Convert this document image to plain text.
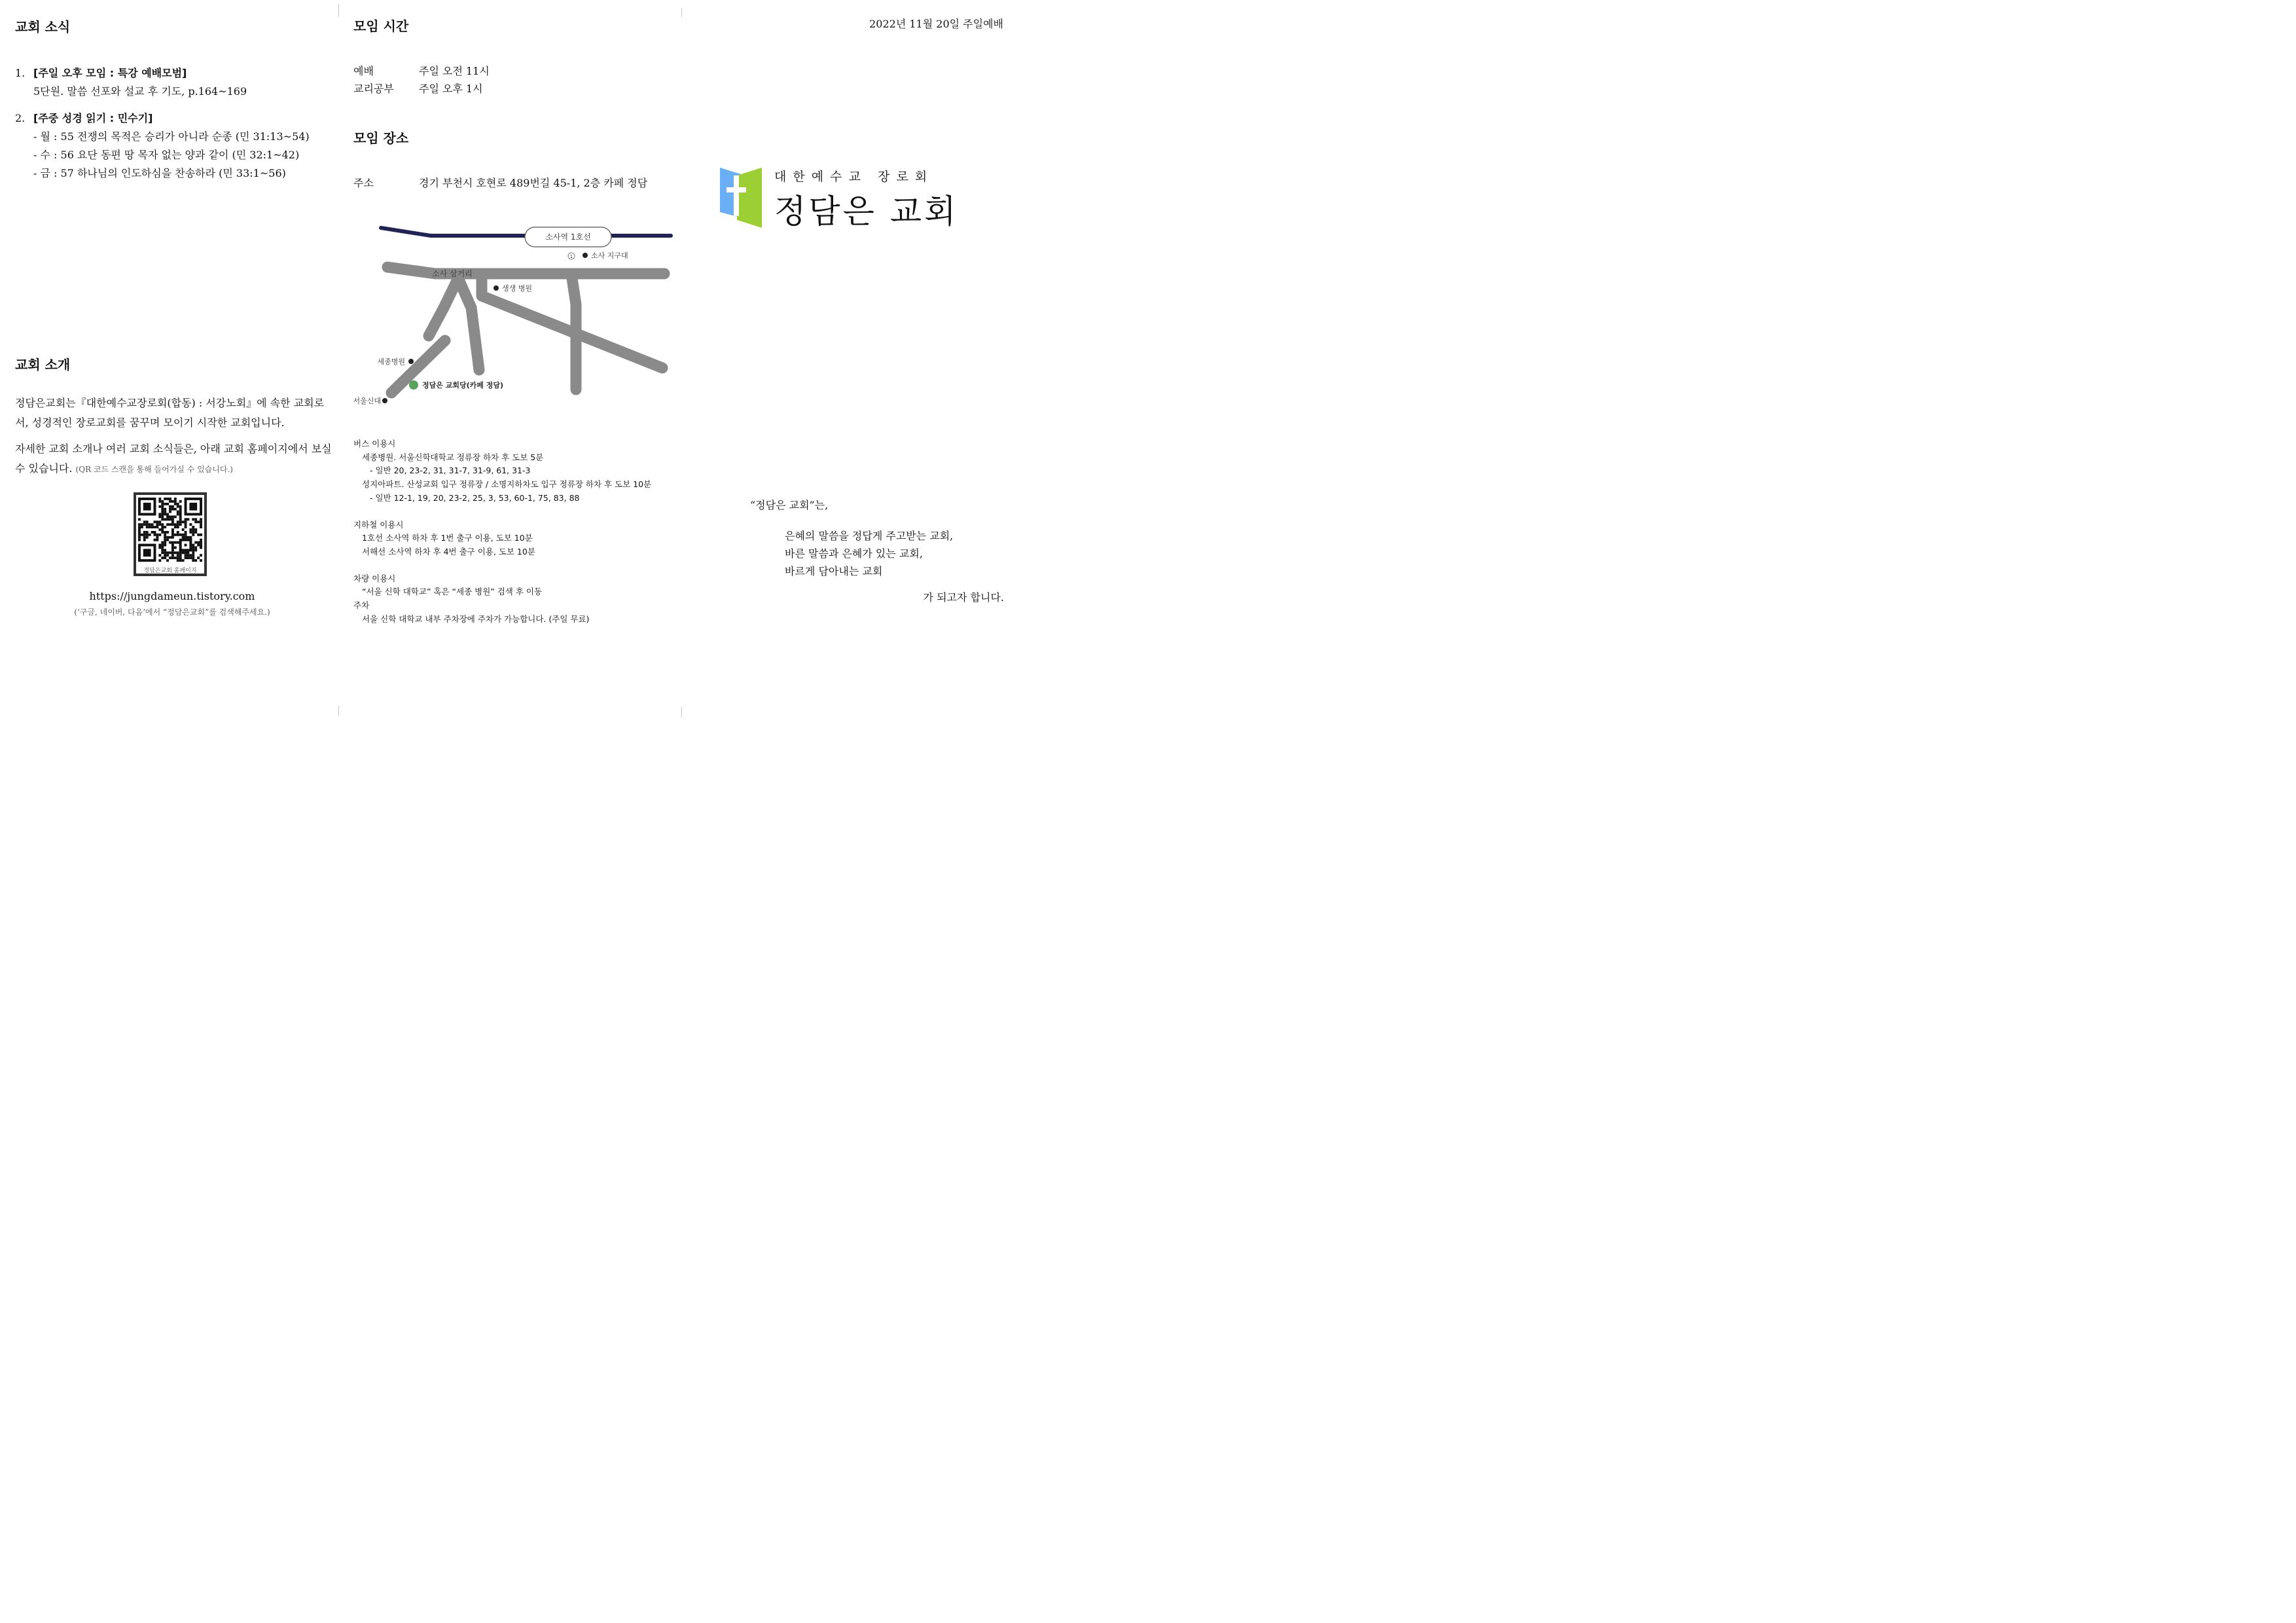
교회 소식
1. [주일 오후 모임 : 특강 예배모범]
5단원. 말씀 선포와 설교 후 기도, p.164~169
2. [주중 성경 읽기 : 민수기]
- 월 : 55 전쟁의 목적은 승리가 아니라 순종 (민 31:13~54)
- 수 : 56 요단 동편 땅 목자 없는 양과 같이 (민 32:1~42)
- 금 : 57 하나님의 인도하심을 찬송하라 (민 33:1~56)
교회 소개

정담은교회는『대한예수교장로회(합동) : 서강노회』에 속한 교회로서, 성경적인 장로교회를 꿈꾸며 모이기 시작한 교회입니다.

자세한 교회 소개나 여러 교회 소식들은, 아래 교회 홈페이지에서 보실 수 있습니다. (QR 코드 스캔을 통해 들어가실 수 있습니다.)

정담은교회 홈페이지
https://jungdameun.tistory.com
(‘구글, 네이버, 다음’에서 “정담은교회”를 검색해주세요.)
모임 시간
예배	주일 오전 11시
교리공부	주일 오후 1시
모임 장소
주소	경기 부천시 호현로 489번길 45-1, 2층 카페 정담
소사역 1호선
소사 삼거리
1	소사 지구대
생생 병원
세종병원
정담은 교회당(카페 정담)
서울신대
버스 이용시
세종병원. 서울신학대학교 정류장 하차 후 도보 5분
- 일반 20, 23-2, 31, 31-7, 31-9, 61, 31-3
성지아파트. 산성교회 입구 정류장 / 소명지하차도 입구 정류장 하차 후 도보 10분
- 일반 12-1, 19, 20, 23-2, 25, 3, 53, 60-1, 75, 83, 88
지하철 이용시
1호선 소사역 하차 후 1번 출구 이용, 도보 10분
서해선 소사역 하차 후 4번 출구 이용, 도보 10분
차량 이용시
“서울 신학 대학교” 혹은 “세종 병원” 검색 후 이동
주차
서울 신학 대학교 내부 주차장에 주차가 가능합니다. (주일 무료)
2022년 11월 20일 주일예배
대 한 예 수 교   장 로 회
정담은 교회
“정담은 교회”는,
은혜의 말씀을 정답게 주고받는 교회,
바른 말씀과 은혜가 있는 교회,
바르게 담아내는 교회
가 되고자 합니다.
